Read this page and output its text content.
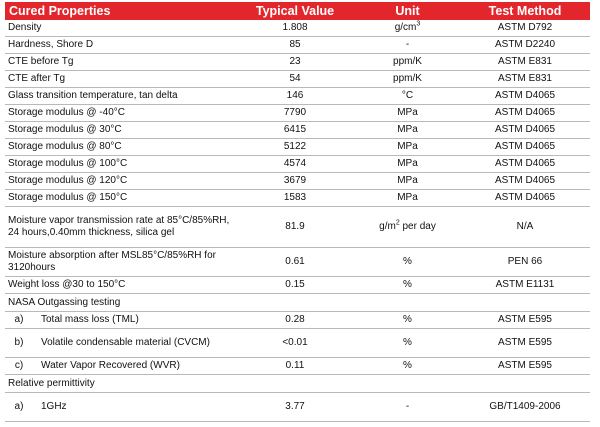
Cured Properties	Typical Value	Unit	Test Method
Density	1.808	$g/cm^3$	ASTM D792
Hardness, Shore D	85	-	ASTM D2240
CTE before Tg	23	ppm/K	ASTM E831
CTE after Tg	54	ppm/K	ASTM E831
Glass transition temperature, tan delta	146	°C	ASTM D4065
Storage modulus @ -40°C	7790	MPa	ASTM D4065
Storage modulus @ 30°C	6415	MPa	ASTM D4065
Storage modulus @ 80°C	5122	MPa	ASTM D4065
Storage modulus @ 100°C	4574	MPa	ASTM D4065
Storage modulus @ 120°C	3679	MPa	ASTM D4065
Storage modulus @ 150°C	1583	MPa	ASTM D4065
Moisture vapor transmission rate at 85°C/85%RH, 24 hours,0.40mm thickness, silica gel	81.9	$g/m^2$ per day	N/A
Moisture absorption after MSL85°C/85%RH for 3120hours	0.61	%	PEN 66
Weight loss @30 to 150°C	0.15	%	ASTM E1131
NASA Outgassing testing			

a) Total mass loss (TML)	0.28	%	ASTM E595

b) Volatile condensable material (CVCM)	<0.01	%	ASTM E595

c) Water Vapor Recovered (WVR)	0.11	%	ASTM E595
Relative permittivity			

a) 1GHz	3.77	-	GB/T1409-2006
